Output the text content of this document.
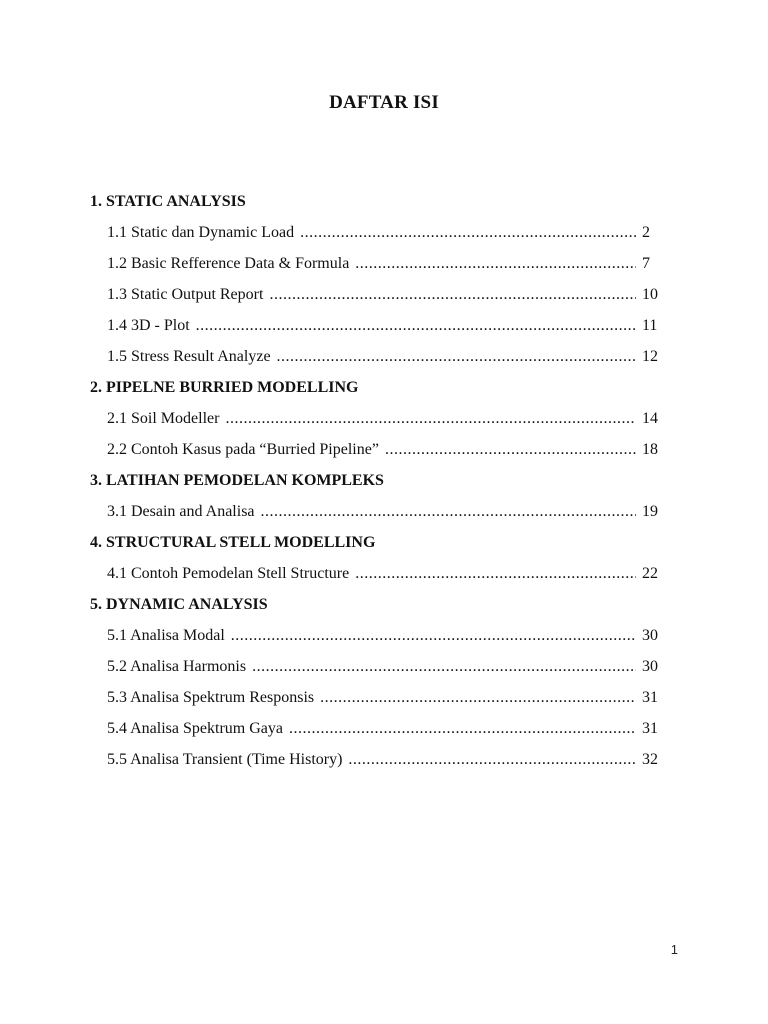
DAFTAR ISI
1. STATIC ANALYSIS
1.1 Static dan Dynamic Load .....	2
1.2 Basic Refference Data & Formula .....	7
1.3 Static Output Report .....	10
1.4 3D - Plot .....	11
1.5 Stress Result Analyze .....	12
2. PIPELNE BURRIED MODELLING
2.1 Soil Modeller .....	14
2.2 Contoh Kasus pada “Burried Pipeline” .....	18
3. LATIHAN PEMODELAN KOMPLEKS
3.1 Desain and Analisa .....	19
4. STRUCTURAL STELL MODELLING
4.1 Contoh Pemodelan Stell Structure .....	22
5. DYNAMIC ANALYSIS
5.1 Analisa Modal .....	30
5.2 Analisa Harmonis .....	30
5.3 Analisa Spektrum Responsis .....	31
5.4 Analisa Spektrum Gaya .....	31
5.5 Analisa Transient (Time History) .....	32
1
